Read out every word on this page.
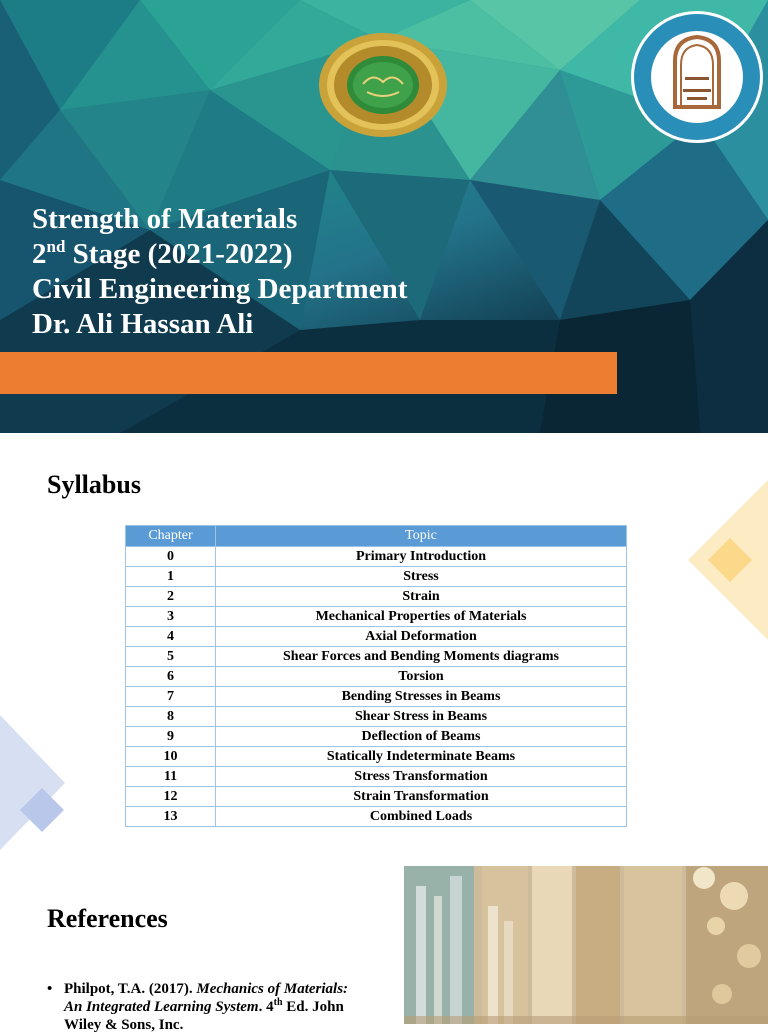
Strength of Materials
2nd Stage (2021-2022)
Civil Engineering Department
Dr. Ali Hassan Ali
Syllabus
Chapter	Topic
0	Primary Introduction
1	Stress
2	Strain
3	Mechanical Properties of Materials
4	Axial Deformation
5	Shear Forces and Bending Moments diagrams
6	Torsion
7	Bending Stresses in Beams
8	Shear Stress in Beams
9	Deflection of Beams
10	Statically Indeterminate Beams
11	Stress Transformation
12	Strain Transformation
13	Combined Loads
References
• Philpot, T.A. (2017). Mechanics of Materials: An Integrated Learning System. 4th Ed. John Wiley & Sons, Inc.
